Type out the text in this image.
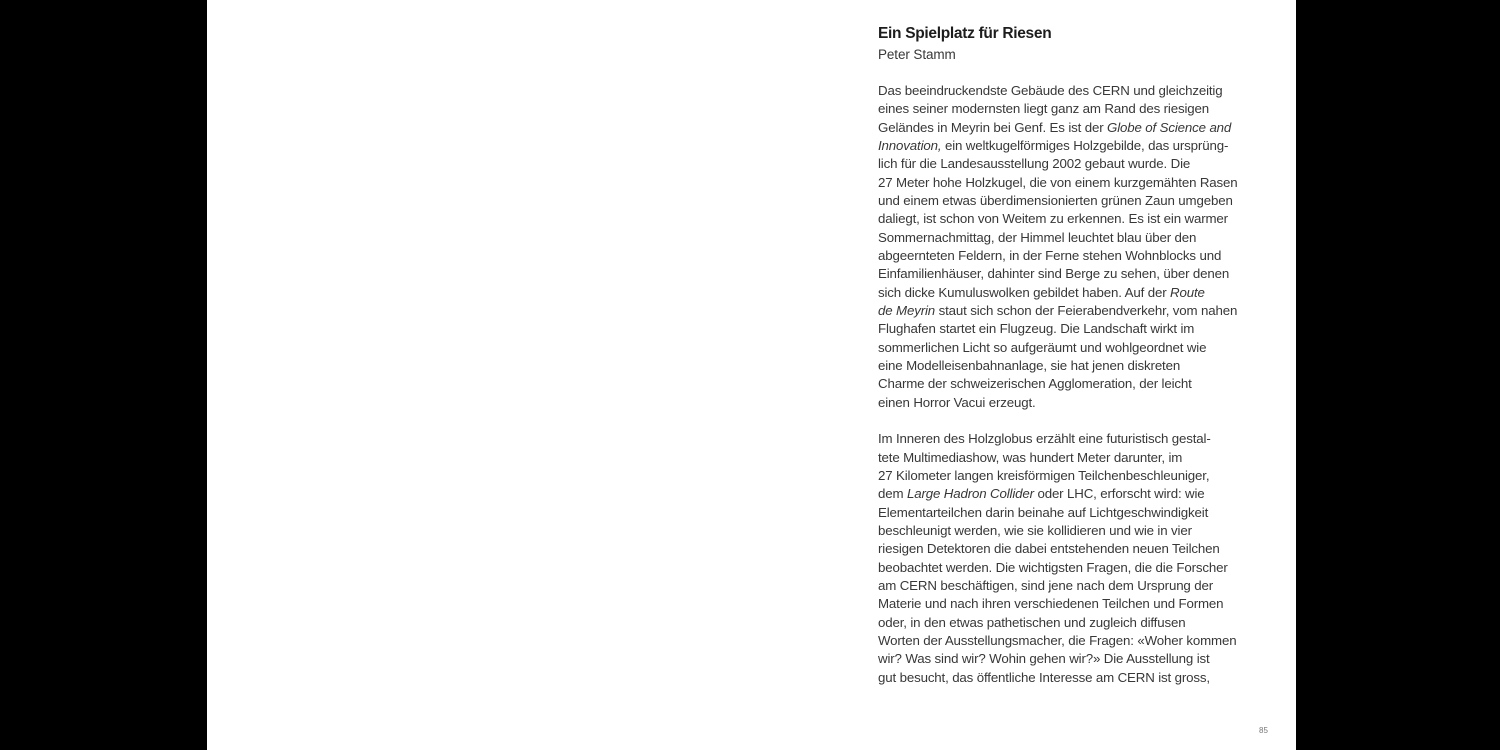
Ein Spielplatz für Riesen
Peter Stamm
Das beeindruckendste Gebäude des CERN und gleichzeitig
eines seiner modernsten liegt ganz am Rand des riesigen
Geländes in Meyrin bei Genf. Es ist der Globe of Science and
Innovation, ein weltkugelförmiges Holzgebilde, das ursprüng-
lich für die Landesausstellung 2002 gebaut wurde. Die
27 Meter hohe Holzkugel, die von einem kurzgemähten Rasen
und einem etwas überdimensionierten grünen Zaun umgeben
daliegt, ist schon von Weitem zu erkennen. Es ist ein warmer
Sommernachmittag, der Himmel leuchtet blau über den
abgeernteten Feldern, in der Ferne stehen Wohnblocks und
Einfamilienhäuser, dahinter sind Berge zu sehen, über denen
sich dicke Kumuluswolken gebildet haben. Auf der Route
de Meyrin staut sich schon der Feierabendverkehr, vom nahen
Flughafen startet ein Flugzeug. Die Landschaft wirkt im
sommerlichen Licht so aufgeräumt und wohlgeordnet wie
eine Modelleisenbahnanlage, sie hat jenen diskreten
Charme der schweizerischen Agglomeration, der leicht
einen Horror Vacui erzeugt.
Im Inneren des Holzglobus erzählt eine futuristisch gestal-
tete Multimediashow, was hundert Meter darunter, im
27 Kilometer langen kreisförmigen Teilchenbeschleuniger,
dem Large Hadron Collider oder LHC, erforscht wird: wie
Elementarteilchen darin beinahe auf Lichtgeschwindigkeit
beschleunigt werden, wie sie kollidieren und wie in vier
riesigen Detektoren die dabei entstehenden neuen Teilchen
beobachtet werden. Die wichtigsten Fragen, die die Forscher
am CERN beschäftigen, sind jene nach dem Ursprung der
Materie und nach ihren verschiedenen Teilchen und Formen
oder, in den etwas pathetischen und zugleich diffusen
Worten der Ausstellungsmacher, die Fragen: «Woher kommen
wir? Was sind wir? Wohin gehen wir?» Die Ausstellung ist
gut besucht, das öffentliche Interesse am CERN ist gross,
85
